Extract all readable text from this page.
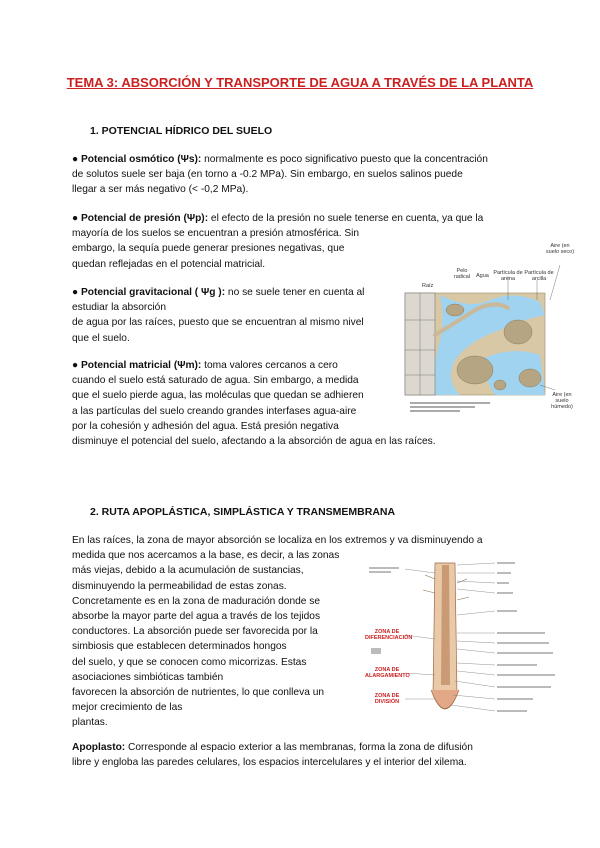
TEMA 3: ABSORCIÓN Y TRANSPORTE DE AGUA A TRAVÉS DE LA PLANTA
1. POTENCIAL HÍDRICO DEL SUELO
● Potencial osmótico (Ψs): normalmente es poco significativo puesto que la concentración
de solutos suele ser baja (en torno a -0.2 MPa). Sin embargo, en suelos salinos puede
llegar a ser más negativo (< -0,2 MPa).
● Potencial de presión (Ψp): el efecto de la presión no suele tenerse en cuenta, ya que la
mayoría de los suelos se encuentran a presión atmosférica. Sin
embargo, la sequía puede generar presiones negativas, que
quedan reflejadas en el potencial matricial.
● Potencial gravitacional ( Ψg ): no se suele tener en cuenta al
estudiar la absorción
de agua por las raíces, puesto que se encuentran al mismo nivel
que el suelo.
● Potencial matricial (Ψm): toma valores cercanos a cero
cuando el suelo está saturado de agua. Sin embargo, a medida
que el suelo pierde agua, las moléculas que quedan se adhieren
a las partículas del suelo creando grandes interfases agua-aire
por la cohesión y adhesión del agua. Está presión negativa
disminuye el potencial del suelo, afectando a la absorción de agua en las raíces.
Raíz
Pelo radical	Agua Partícula de arena
Partícula de arcilla
Aire (en suelo seco)
Aire (en suelo húmedo)
2. RUTA APOPLÁSTICA, SIMPLÁSTICA Y TRANSMEMBRANA
En las raíces, la zona de mayor absorción se localiza en los extremos y va disminuyendo a
medida que nos acercamos a la base, es decir, a las zonas
más viejas, debido a la acumulación de sustancias,
disminuyendo la permeabilidad de estas zonas.
Concretamente es en la zona de maduración donde se
absorbe la mayor parte del agua a través de los tejidos
conductores. La absorción puede ser favorecida por la
simbiosis que establecen determinados hongos
del suelo, y que se conocen como micorrizas. Estas
asociaciones simbióticas también
favorecen la absorción de nutrientes, lo que conlleva un
mejor crecimiento de las
plantas.
ZONA DE DIFERENCIACIÓN
ZONA DE ALARGAMIENTO
ZONA DE DIVISIÓN
Apoplasto: Corresponde al espacio exterior a las membranas, forma la zona de difusión
libre y engloba las paredes celulares, los espacios intercelulares y el interior del xilema.
